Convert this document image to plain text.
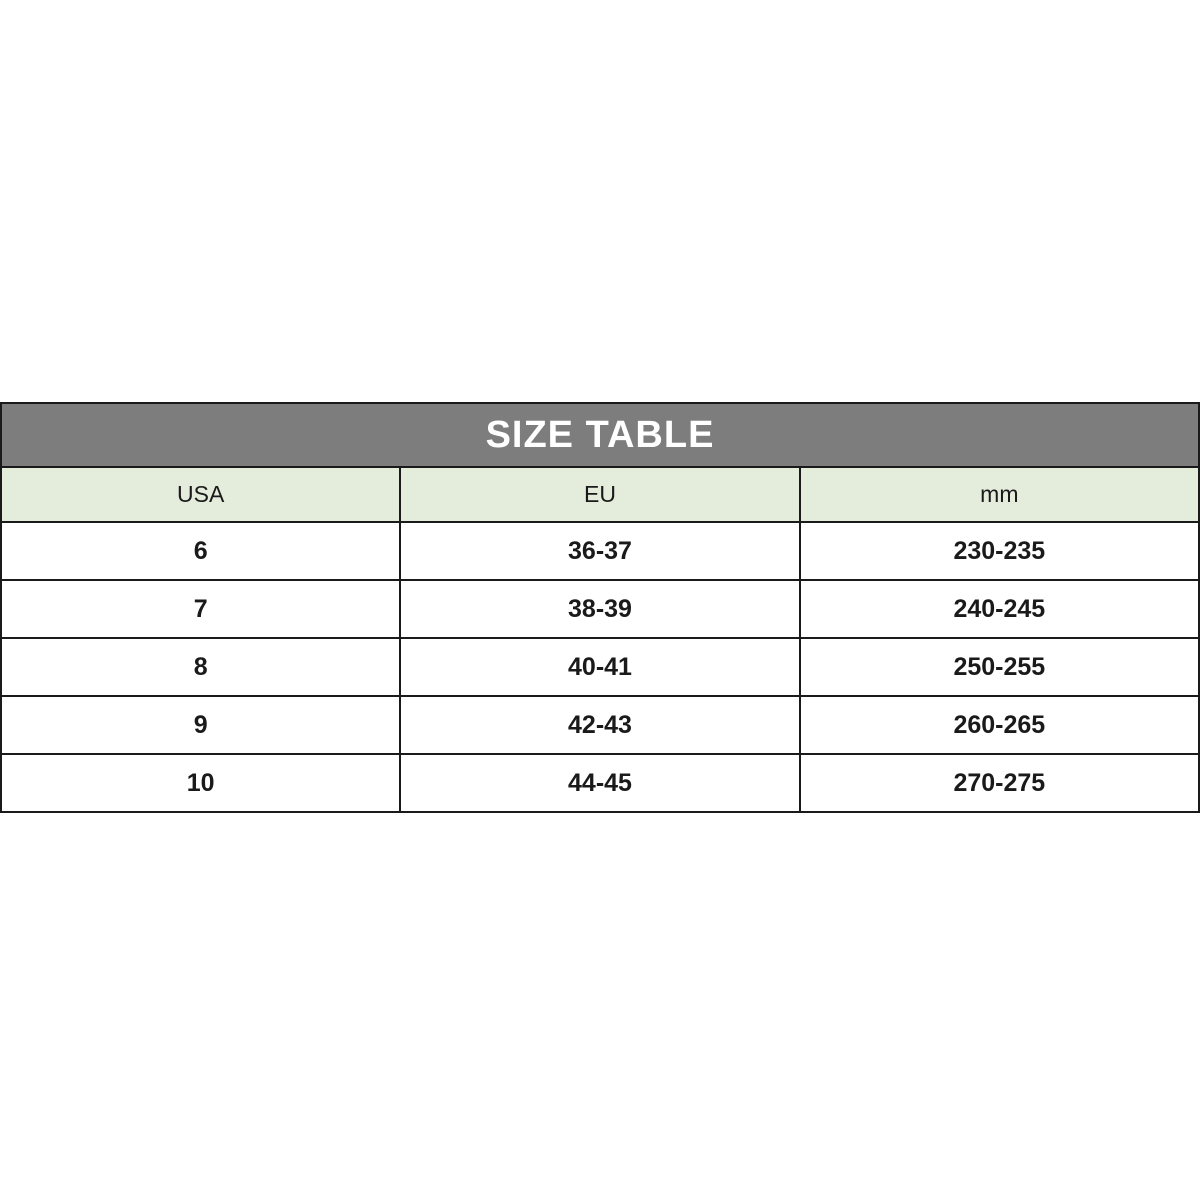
SIZE TABLE		
USA	EU	mm
6	36-37	230-235
7	38-39	240-245
8	40-41	250-255
9	42-43	260-265
10	44-45	270-275
